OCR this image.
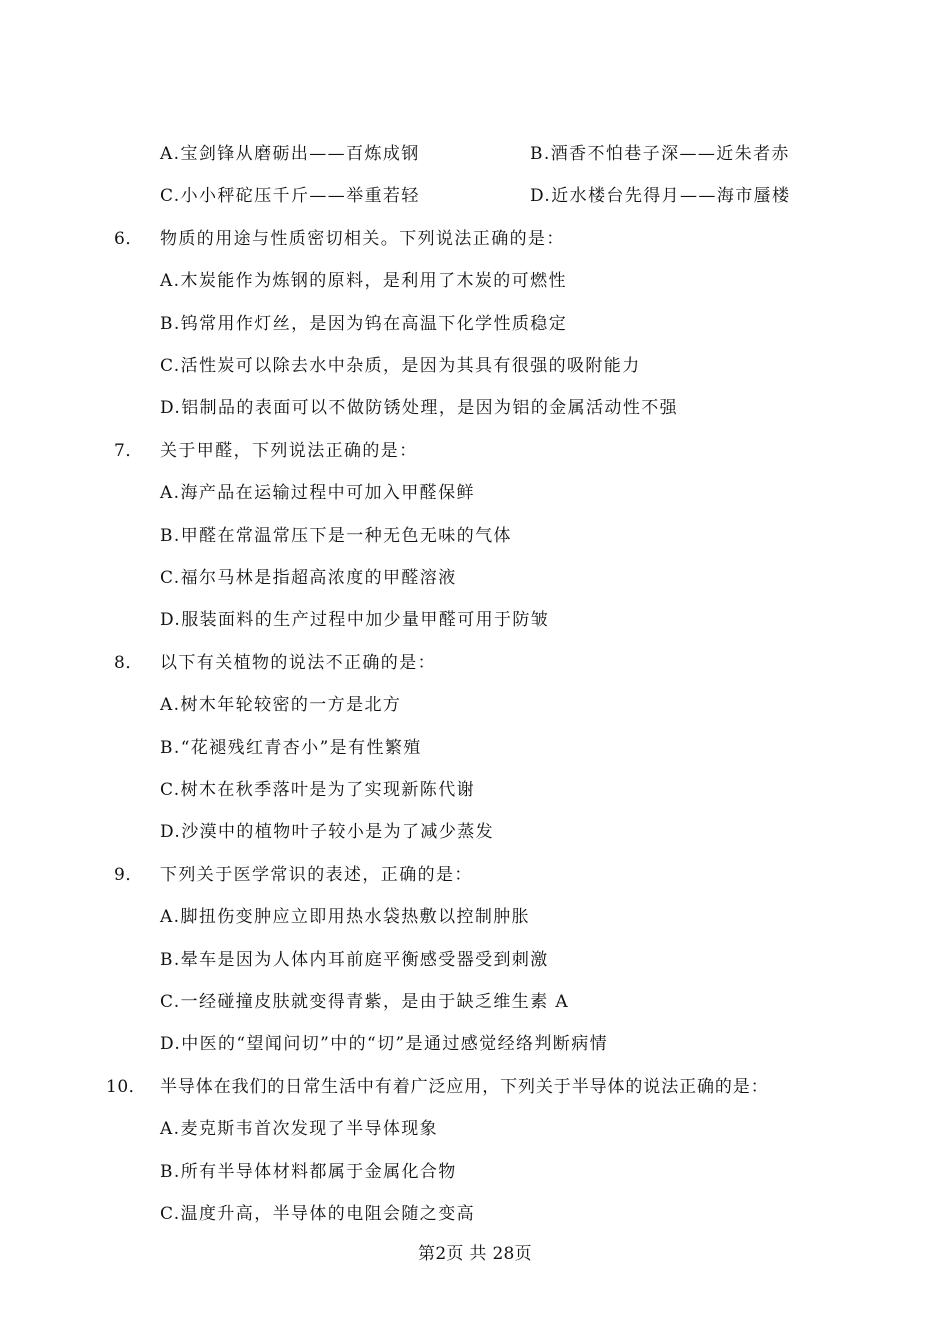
A.宝剑锋从磨砺出——百炼成钢	B.酒香不怕巷子深——近朱者赤
C.小小秤砣压千斤——举重若轻	D.近水楼台先得月——海市蜃楼
6． 物质的用途与性质密切相关。下列说法正确的是：
A.木炭能作为炼钢的原料，是利用了木炭的可燃性
B.钨常用作灯丝，是因为钨在高温下化学性质稳定
C.活性炭可以除去水中杂质，是因为其具有很强的吸附能力
D.铝制品的表面可以不做防锈处理，是因为铝的金属活动性不强
7． 关于甲醛，下列说法正确的是：
A.海产品在运输过程中可加入甲醛保鲜
B.甲醛在常温常压下是一种无色无味的气体
C.福尔马林是指超高浓度的甲醛溶液
D.服装面料的生产过程中加少量甲醛可用于防皱
8． 以下有关植物的说法不正确的是：
A.树木年轮较密的一方是北方
B.“花褪残红青杏小”是有性繁殖
C.树木在秋季落叶是为了实现新陈代谢
D.沙漠中的植物叶子较小是为了减少蒸发
9． 下列关于医学常识的表述，正确的是：
A.脚扭伤变肿应立即用热水袋热敷以控制肿胀
B.晕车是因为人体内耳前庭平衡感受器受到刺激
C.一经碰撞皮肤就变得青紫，是由于缺乏维生素 A
D.中医的“望闻问切”中的“切”是通过感觉经络判断病情
10． 半导体在我们的日常生活中有着广泛应用，下列关于半导体的说法正确的是：
A.麦克斯韦首次发现了半导体现象
B.所有半导体材料都属于金属化合物
C.温度升高，半导体的电阻会随之变高
第2页 共 28页
